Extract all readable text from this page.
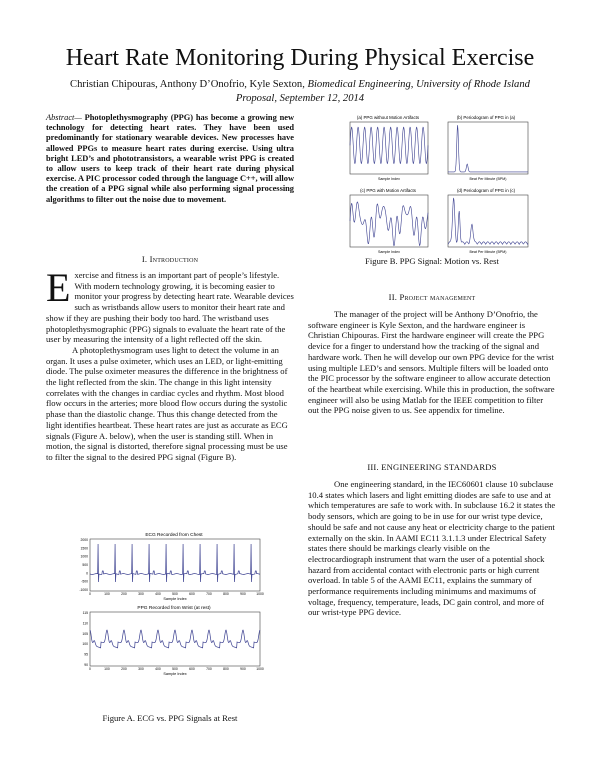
Heart Rate Monitoring During Physical Exercise
Christian Chipouras, Anthony D’Onofrio, Kyle Sexton, Biomedical Engineering, University of Rhode Island
Proposal, September 12, 2014
Abstract— Photoplethysmography (PPG) has become a growing new technology for detecting heart rates. They have been used predominantly for stationary wearable devices. New processes have allowed PPGs to measure heart rates during exercise. Using ultra bright LED’s and phototransistors, a wearable wrist PPG is created to allow users to keep track of their heart rate during physical exercise. A PIC processor coded through the language C++, will allow the creation of a PPG signal while also performing signal processing algorithms to filter out the noise due to movement.
I. Introduction

Exercise and fitness is an important part of people’s lifestyle. With modern technology growing, it is becoming easier to monitor your progress by detecting heart rate. Wearable devices such as wristbands allow users to monitor their heart rate and show if they are pushing their body too hard. The wristband uses photoplethysmographic (PPG) signals to evaluate the heart rate of the user by measuring the intensity of a light reflected off the skin.

A photoplethysmogram uses light to detect the volume in an organ. It uses a pulse oximeter, which uses an LED, or light-emitting diode. The pulse oximeter measures the difference in the brightness of the light reflected from the skin. The change in this light intensity correlates with the changes in cardiac cycles and rhythm. Most blood flow occurs in the arteries; more blood flow occurs during the systolic phase than the diastolic change. Thus this change detected from the light identifies heartbeat. These heart rates are just as accurate as ECG signals (Figure A. below), when the user is standing still. When in motion, the signal is distorted, therefore signal processing must be use to filter the signal to the desired PPG signal (Figure B).

ECG Recorded from Chest
2000
1500
1000
500
0
-500
-1000
0	100	200	300	400	500	600	700	800	900	1000
Sample Index
PPG Recorded from Wrist (at rest)
115
110
105
100
95
90
0	100	200	300	400	500	600	700	800	900	1000
Sample Index
Figure A. ECG vs. PPG Signals at Rest
(a) PPG without Motion Artifacts
Sample Index
(b) Periodogram of PPG in (a)
Beat Per Minute (BPM)
(c) PPG with Motion Artifacts
Sample Index
(d) Periodogram of PPG in (c)
Beat Per Minute (BPM)
Figure B. PPG Signal: Motion vs. Rest
II. Project management

The manager of the project will be Anthony D’Onofrio, the software engineer is Kyle Sexton, and the hardware engineer is Christian Chipouras. First the hardware engineer will create the PPG device for a finger to understand how the tracking of the signal and hardware work. Then he will develop our own PPG device for the wrist using multiple LED’s and sensors. Multiple filters will be loaded onto the PIC processor by the software engineer to allow accurate detection of the heartbeat while exercising. While this in production, the software engineer will also be using Matlab for the IEEE competition to filter out the PPG noise given to us. See appendix for timeline.

III. ENGINEERING STANDARDS

One engineering standard, in the IEC60601 clause 10 subclause 10.4 states which lasers and light emitting diodes are safe to use and at which temperatures are safe to work with. In subclause 16.2 it states the body sensors, which are going to be in use for our wrist type device, should be safe and not cause any heat or electricity charge to the patient externally on the skin. In AAMI EC11 3.1.1.3 under Electrical Safety states there should be markings clearly visible on the electrocardiograph instrument that warn the user of a potential shock hazard from accidental contact with electronic parts or high current overload. In table 5 of the AAMI EC11, explains the summary of performance requirements including minimums and maximums of voltage, frequency, temperature, leads, DC gain control, and more of our wrist-type PPG device.
